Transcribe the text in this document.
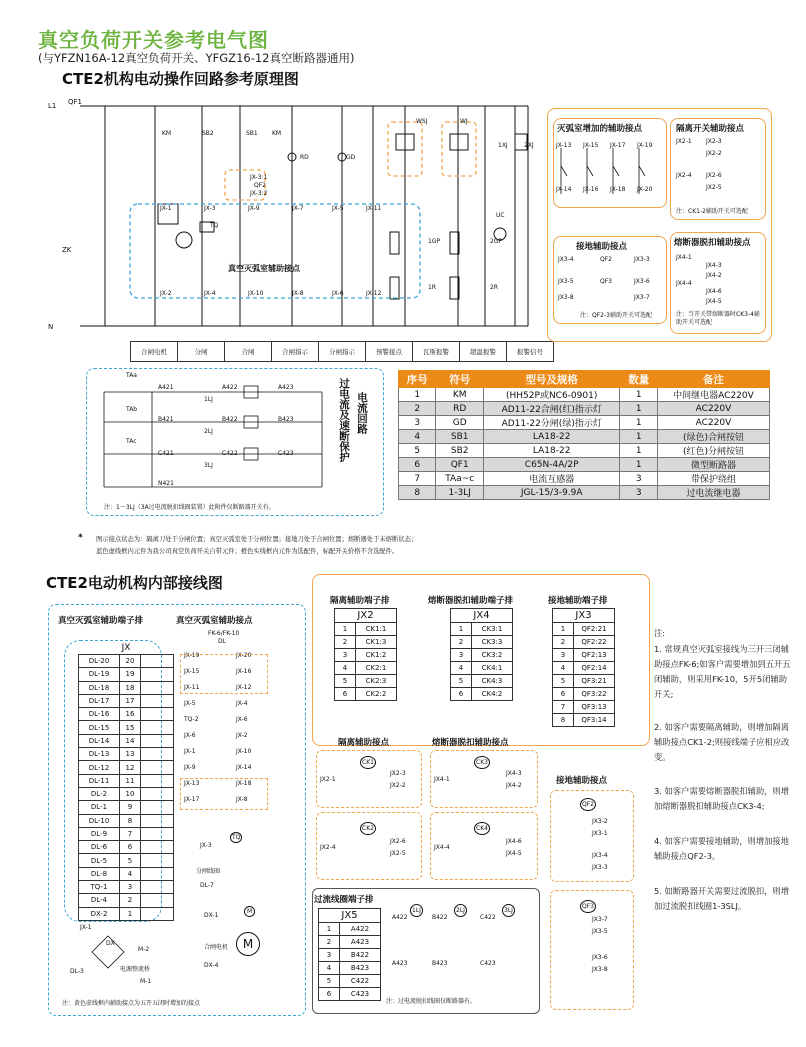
真空负荷开关参考电气图
(与YFZN16A-12真空负荷开关、YFGZ16-12真空断路器通用)
CTE2机构电动操作回路参考原理图
L1
N
ZK
QF1
真空灭弧室辅助接点
JX-1	JX-3	JX-9	JX-7	JX-5	JX-11
JX-2	JX-4	JX-10	JX-8	JX-6	JX-12
KM	SB2	SB1 KM
RD	GD
WSJ	WJ
1XJ	2XJ
TQ
JX-3:1
QF2
JX-3:2
UC
1GP	2GP
1R	2R
合闸电机	分闸	合闸	合闸指示	分闸指示	预警接点	瓦斯报警	超温报警	报警信号
灭弧室增加的辅助接点
JX-13 JX-15 JX-17 JX-19
JX-14 JX-16 JX-18 JX-20
隔离开关辅助接点
JX2-1 JX2-3
JX2-2
JX2-4 JX2-6
JX2-5
注：CK1-2辅助开关可选配
接地辅助接点
JX3-4	QF2	JX3-3
JX3-5	QF3	JX3-6
JX3-8	JX3-7
注：QF2-3辅助开关可选配
熔断器脱扣辅助接点
JX4-1
JX4-3
JX4-2
JX4-4
JX4-6
JX4-5
注：当开关带熔断器时CK3-4辅助开关可选配
TAa
TAb
TAc
A421
B421
C421
N421
A422
B422
C422
A423
B423
C423
1LJ
2LJ
3LJ
过电流及速断保护 电流回路
注：1～3LJ（3A过电流脱扣线圈装置）此附件仅断路器开关有。
序号	符号	型号及规格	数量	备注
1	KM	(HH52P或NC6-0901)	1	中间继电器AC220V
2	RD	AD11-22合闸(红)指示灯	1	AC220V
3	GD	AD11-22分闸(绿)指示灯	1	AC220V
4	SB1	LA18-22	1	(绿色)合闸按钮
5	SB2	LA18-22	1	(红色)分闸按钮
6	QF1	C65N-4A/2P	1	微型断路器
7	TAa~c	电流互感器	3	带保护绕组
8	1-3LJ	JGL-15/3-9.9A	3	过电流继电器
* 图示接点状态为：隔离刀处于分闸位置；真空灭弧室处于分闸位置；接地刀处于合闸位置；熔断器处于未熔断状态；
蓝色虚线框内元件为我公司真空负荷开关自带元件；橙色实线框内元件为选配件，标配开关价格不含选配件。
CTE2电动机构内部接线图
真空灭弧室辅助端子排	真空灭弧室辅助接点
FK-6/FK-10
JX		
DL-20	20	
DL-19	19	
DL-18	18	
DL-17	17	
DL-16	16	
DL-15	15	
DL-14	14	
DL-13	13	
DL-12	12	
DL-11	11	
DL-2	10	
DL-1	9	
DL-10	8	
DL-9	7	
DL-6	6	
DL-5	5	
DL-8	4	
TQ-1	3	
DL-4	2	
DX-2	1	
DL
JX-19	JX-20
JX-15	JX-16
JX-11	JX-12
JX-5	JX-4
TQ-2	JX-6
JX-6	JX-2
JX-1	JX-10
JX-9	JX-14
JX-13	JX-18
JX-17	JX-8
JX-3
TQ
分闸线圈
DL-7
DX-1
M
合闸电机	M
DX-4
JX-1
M-2
DL-3
M-1
DX
电源整流桥
注：黄色虚线框内辅助接点为五开五闭时增加的接点
隔离辅助端子排
JX2	
1	CK1:1
2	CK1:3
3	CK1:2
4	CK2:1
5	CK2:3
6	CK2:2
熔断器脱扣辅助端子排
JX4	
1	CK3:1
2	CK3:3
3	CK3:2
4	CK4:1
5	CK4:3
6	CK4:2
接地辅助端子排
JX3	
1	QF2:21
2	QF2:22
3	QF2:13
4	QF2:14
5	QF3:21
6	QF3:22
7	QF3:13
8	QF3:14
隔离辅助接点	熔断器脱扣辅助接点
接地辅助接点
CK1
JX2-1
JX2-3
JX2-2
CK2
JX2-4
JX2-6
JX2-5
CK3
JX4-1
JX4-3
JX4-2
CK4
JX4-4
JX4-6
JX4-5
QF2
JX3-2
JX3-1
JX3-4
JX3-3
QF3
JX3-7
JX3-5
JX3-6
JX3-8
过流线圈端子排
JX5	
1	A422
2	A423
3	B422
4	B423
5	C422
6	C423
A422
1LJ
B422
2LJ
C422
3LJ
A423	B423	C423
注：过电流脱扣线圈仅断路器有。
注:
1. 常规真空灭弧室接线为三开三闭辅助接点FK-6;如客户需要增加到五开五闭辅助，则采用FK-10，5开5闭辅助开关;
2. 如客户需要隔离辅助，则增加隔离辅助接点CK1-2;则接线端子应相应改变。
3. 如客户需要熔断器脱扣辅助，则增加熔断器脱扣辅助接点CK3-4;
4. 如客户需要接地辅助，则增加接地辅助接点QF2-3。
5. 如断路器开关需要过流脱扣，则增加过流脱扣线圈1-3SLJ。
